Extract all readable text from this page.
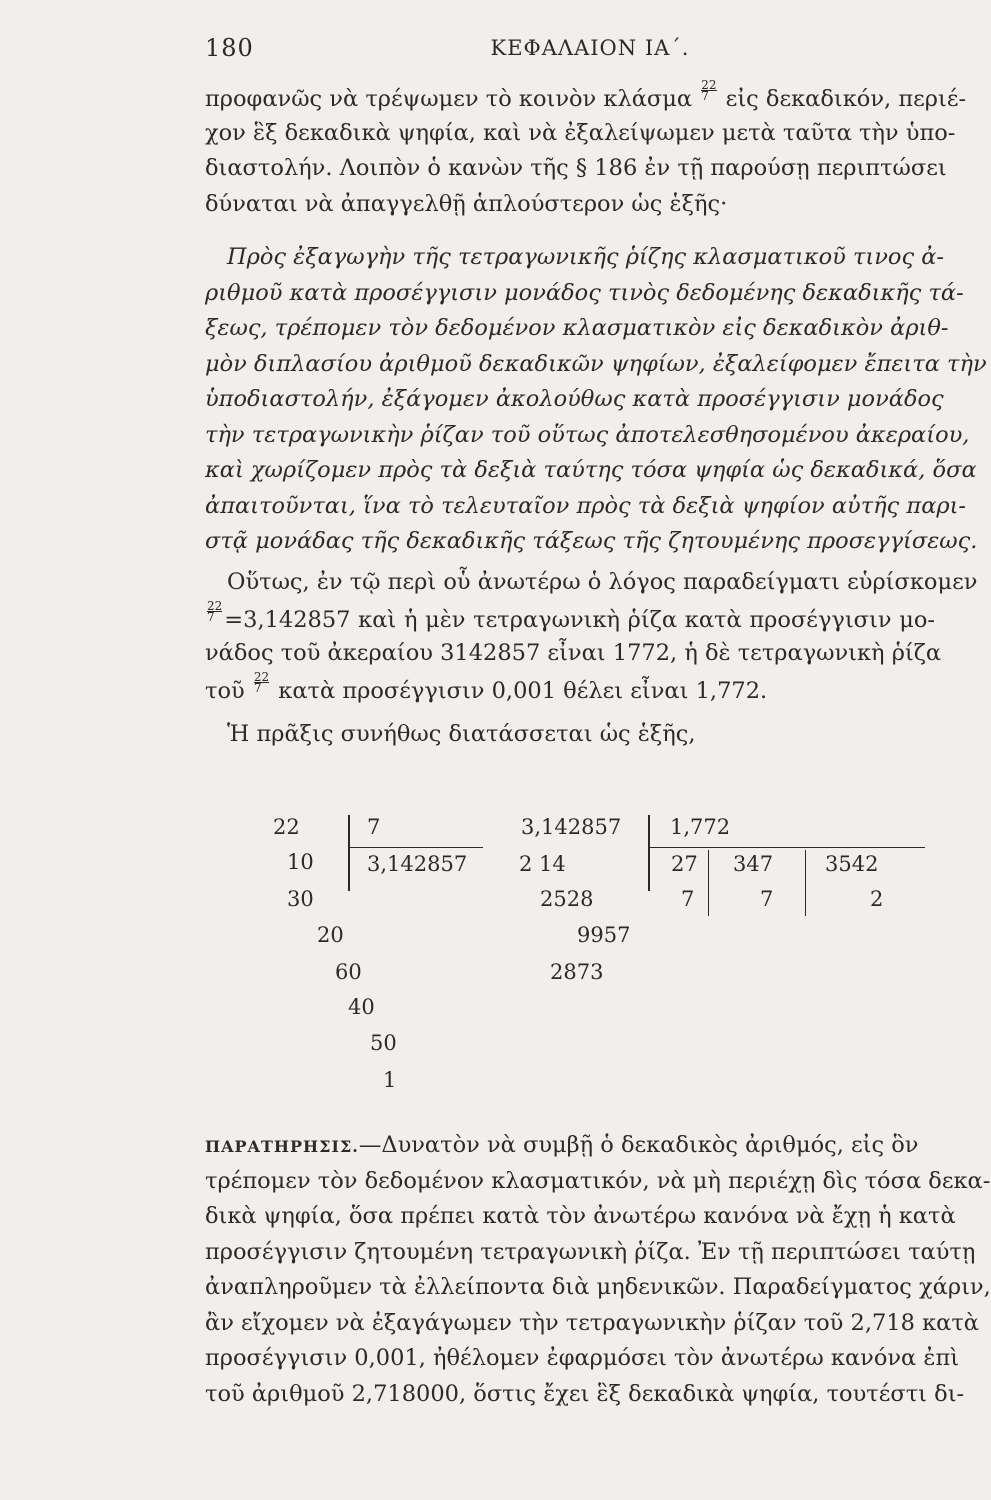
180	ΚΕΦΑΛΑΙΟΝ ΙΑ΄.
προφανῶς νὰ τρέψωμεν τὸ κοινὸν κλάσμα $\frac{22}{7}$ εἰς δεκαδικόν, περιέ-
χον ἓξ δεκαδικὰ ψηφία, καὶ νὰ ἐξαλείψωμεν μετὰ ταῦτα τὴν ὑπο-
διαστολήν. Λοιπὸν ὁ κανὼν τῆς § 186 ἐν τῇ παρούσῃ περιπτώσει
δύναται νὰ ἀπαγγελθῇ ἁπλούστερον ὡς ἑξῆς·
Πρὸς ἐξαγωγὴν τῆς τετραγωνικῆς ῥίζης κλασματικοῦ τινος ἀ-
ριθμοῦ κατὰ προσέγγισιν μονάδος τινὸς δεδομένης δεκαδικῆς τά-
ξεως, τρέπομεν τὸν δεδομένον κλασματικὸν εἰς δεκαδικὸν ἀριθ-
μὸν διπλασίου ἀριθμοῦ δεκαδικῶν ψηφίων, ἐξαλείφομεν ἔπειτα τὴν
ὑποδιαστολήν, ἐξάγομεν ἀκολούθως κατὰ προσέγγισιν μονάδος
τὴν τετραγωνικὴν ῥίζαν τοῦ οὕτως ἀποτελεσθησομένου ἀκεραίου,
καὶ χωρίζομεν πρὸς τὰ δεξιὰ ταύτης τόσα ψηφία ὡς δεκαδικά, ὅσα
ἀπαιτοῦνται, ἵνα τὸ τελευταῖον πρὸς τὰ δεξιὰ ψηφίον αὐτῆς παρι-
στᾷ μονάδας τῆς δεκαδικῆς τάξεως τῆς ζητουμένης προσεγγίσεως.
Οὕτως, ἐν τῷ περὶ οὗ ἀνωτέρω ὁ λόγος παραδείγματι εὑρίσκομεν
$\frac{22}{7} =3,142857$ καὶ ἡ μὲν τετραγωνικὴ ῥίζα κατὰ προσέγγισιν μο-
νάδος τοῦ ἀκεραίου 3142857 εἶναι 1772, ἡ δὲ τετραγωνικὴ ῥίζα
τοῦ $\frac{22}{7}$ κατὰ προσέγγισιν 0,001 θέλει εἶναι 1,772.
Ἡ πρᾶξις συνήθως διατάσσεται ὡς ἑξῆς,
22
10
30
20
60
40
50
1
7
3,142857
3,142857
2 14
2528
9957
2873
1,772
27
7
347
7
3542
2
ΠΑΡΑΤΗΡΗΣΙΣ.—Δυνατὸν νὰ συμβῇ ὁ δεκαδικὸς ἀριθμός, εἰς ὃν
τρέπομεν τὸν δεδομένον κλασματικόν, νὰ μὴ περιέχῃ δὶς τόσα δεκα-
δικὰ ψηφία, ὅσα πρέπει κατὰ τὸν ἀνωτέρω κανόνα νὰ ἔχῃ ἡ κατὰ
προσέγγισιν ζητουμένη τετραγωνικὴ ῥίζα. Ἐν τῇ περιπτώσει ταύτῃ
ἀναπληροῦμεν τὰ ἐλλείποντα διὰ μηδενικῶν. Παραδείγματος χάριν,
ἂν εἴχομεν νὰ ἐξαγάγωμεν τὴν τετραγωνικὴν ῥίζαν τοῦ 2,718 κατὰ
προσέγγισιν 0,001, ἠθέλομεν ἐφαρμόσει τὸν ἀνωτέρω κανόνα ἐπὶ
τοῦ ἀριθμοῦ 2,718000, ὅστις ἔχει ἓξ δεκαδικὰ ψηφία, τουτέστι δι-
